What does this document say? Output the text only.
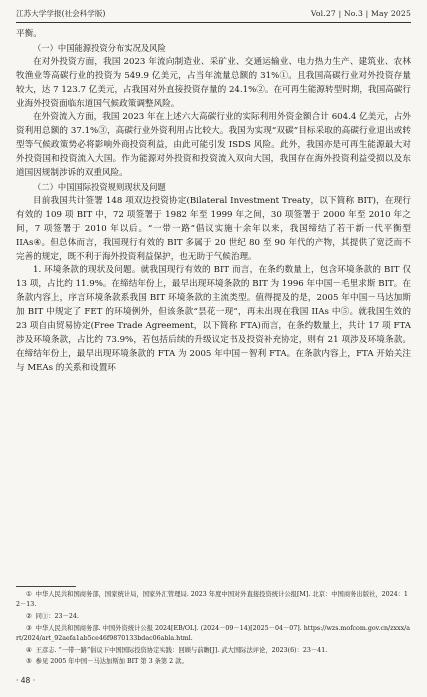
江苏大学学报(社会科学版)	Vol.27 | No.3 | May 2025

平衡。

（一）中国能源投资分布实况及风险

在对外投资方面，我国 2023 年流向制造业、采矿业、交通运输业、电力热力生产、建筑业、农林牧渔业等高碳行业的投资为 549.9 亿美元，占当年流量总额的 31%①。且我国高碳行业对外投资存量较大，达 7 123.7 亿美元，占我国对外直接投资存量的 24.1%②。在可再生能源转型时期，我国高碳行业海外投资面临东道国气候政策调整风险。

在外资流入方面，我国 2023 年在上述六大高碳行业的实际利用外资金额合计 604.4 亿美元，占外资利用总额的 37.1%③，高碳行业外资利用占比较大。我国为实现“双碳”目标采取的高碳行业退出或转型等气候政策势必将影响外商投资利益，由此可能引发 ISDS 风险。此外，我国亦是可再生能源最大对外投资国和投资流入大国。作为能源对外投资和投资流入双向大国，我国存在海外投资利益受损以及东道国因规制涉诉的双重风险。

（二）中国国际投资规则现状及问题

目前我国共计签署 148 项双边投资协定(Bilateral Investment Treaty，以下简称 BIT)，在现行有效的 109 项 BIT 中，72 项签署于 1982 年至 1999 年之间，30 项签署于 2000 年至 2010 年之间，7 项签署于 2010 年以后。“一带一路”倡议实施十余年以来，我国缔结了若干新一代平衡型 IIAs④。但总体而言，我国现行有效的 BIT 多属于 20 世纪 80 至 90 年代的产物，其提供了宽泛而不完善的规定，既不利于海外投资利益保护，也无助于气候治理。

1. 环境条款的现状及问题。就我国现行有效的 BIT 而言，在条约数量上，包含环境条款的 BIT 仅 13 项，占比约 11.9%。在缔结年份上，最早出现环境条款的 BIT 为 1996 年中国－毛里求斯 BIT。在条款内容上，序言环境条款系我国 BIT 环境条款的主流类型。值得提及的是，2005 年中国－马达加斯加 BIT 中规定了 FET 的环境例外，但该条款“昙花一现”，再未出现在我国 IIAs 中⑤。就我国生效的 23 项自由贸易协定(Free Trade Agreement，以下简称 FTA)而言，在条约数量上，共计 17 项 FTA 涉及环境条款，占比约 73.9%，若包括后续的升级议定书及投资补充协定，则有 21 项涉及环境条款。在缔结年份上，最早出现环境条款的 FTA 为 2005 年中国－智利 FTA。在条款内容上，FTA 开始关注与 MEAs 的关系和设置环

① 中华人民共和国商务部，国家统计局，国家外汇管理局. 2023 年度中国对外直接投资统计公报[M]. 北京：中国商务出版社，2024：12－13.

② 同①：23－24.

③ 中华人民共和国商务部. 中国外资统计公报 2024[EB/OL]. (2024－09－14)[2025－04－07]. https://wzs.mofcom.gov.cn/zxxx/art/2024/art_92aefa1ab5ce46f9870133bdac06abla.html.

④ 王彦志. “一带一路”倡议下中国国际投资协定实践：回顾与前瞻[J]. 武大国际法评论，2023(6)：23－41.

⑤ 参见 2005 年中国－马达加斯加 BIT 第 3 条第 2 款。

· 48 ·
